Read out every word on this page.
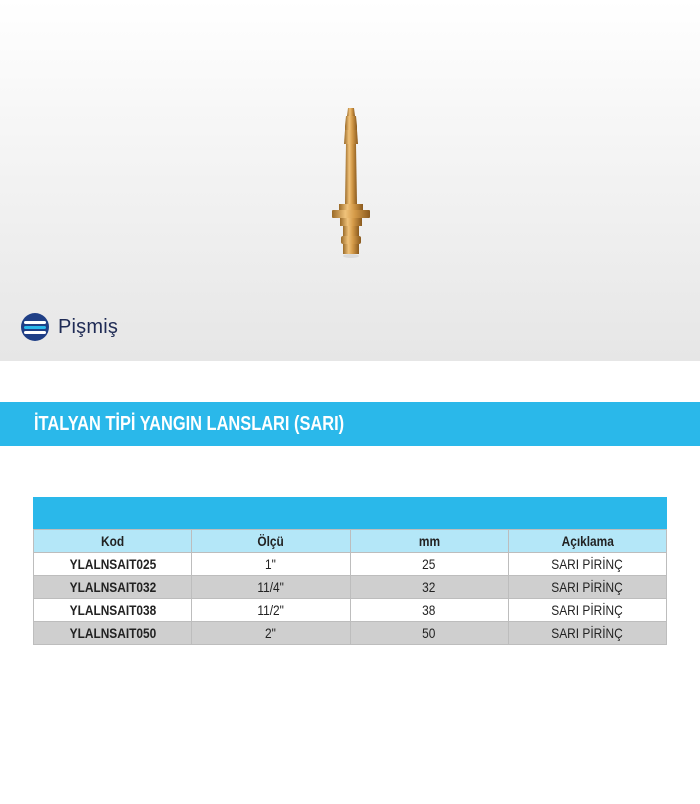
Pişmiş
İTALYAN TİPİ YANGIN LANSLARI (SARI)
Kod	Ölçü	mm	Açıklama
YLALNSAIT025	1"	25	SARI PİRİNÇ
YLALNSAIT032	11/4"	32	SARI PİRİNÇ
YLALNSAIT038	11/2"	38	SARI PİRİNÇ
YLALNSAIT050	2"	50	SARI PİRİNÇ
